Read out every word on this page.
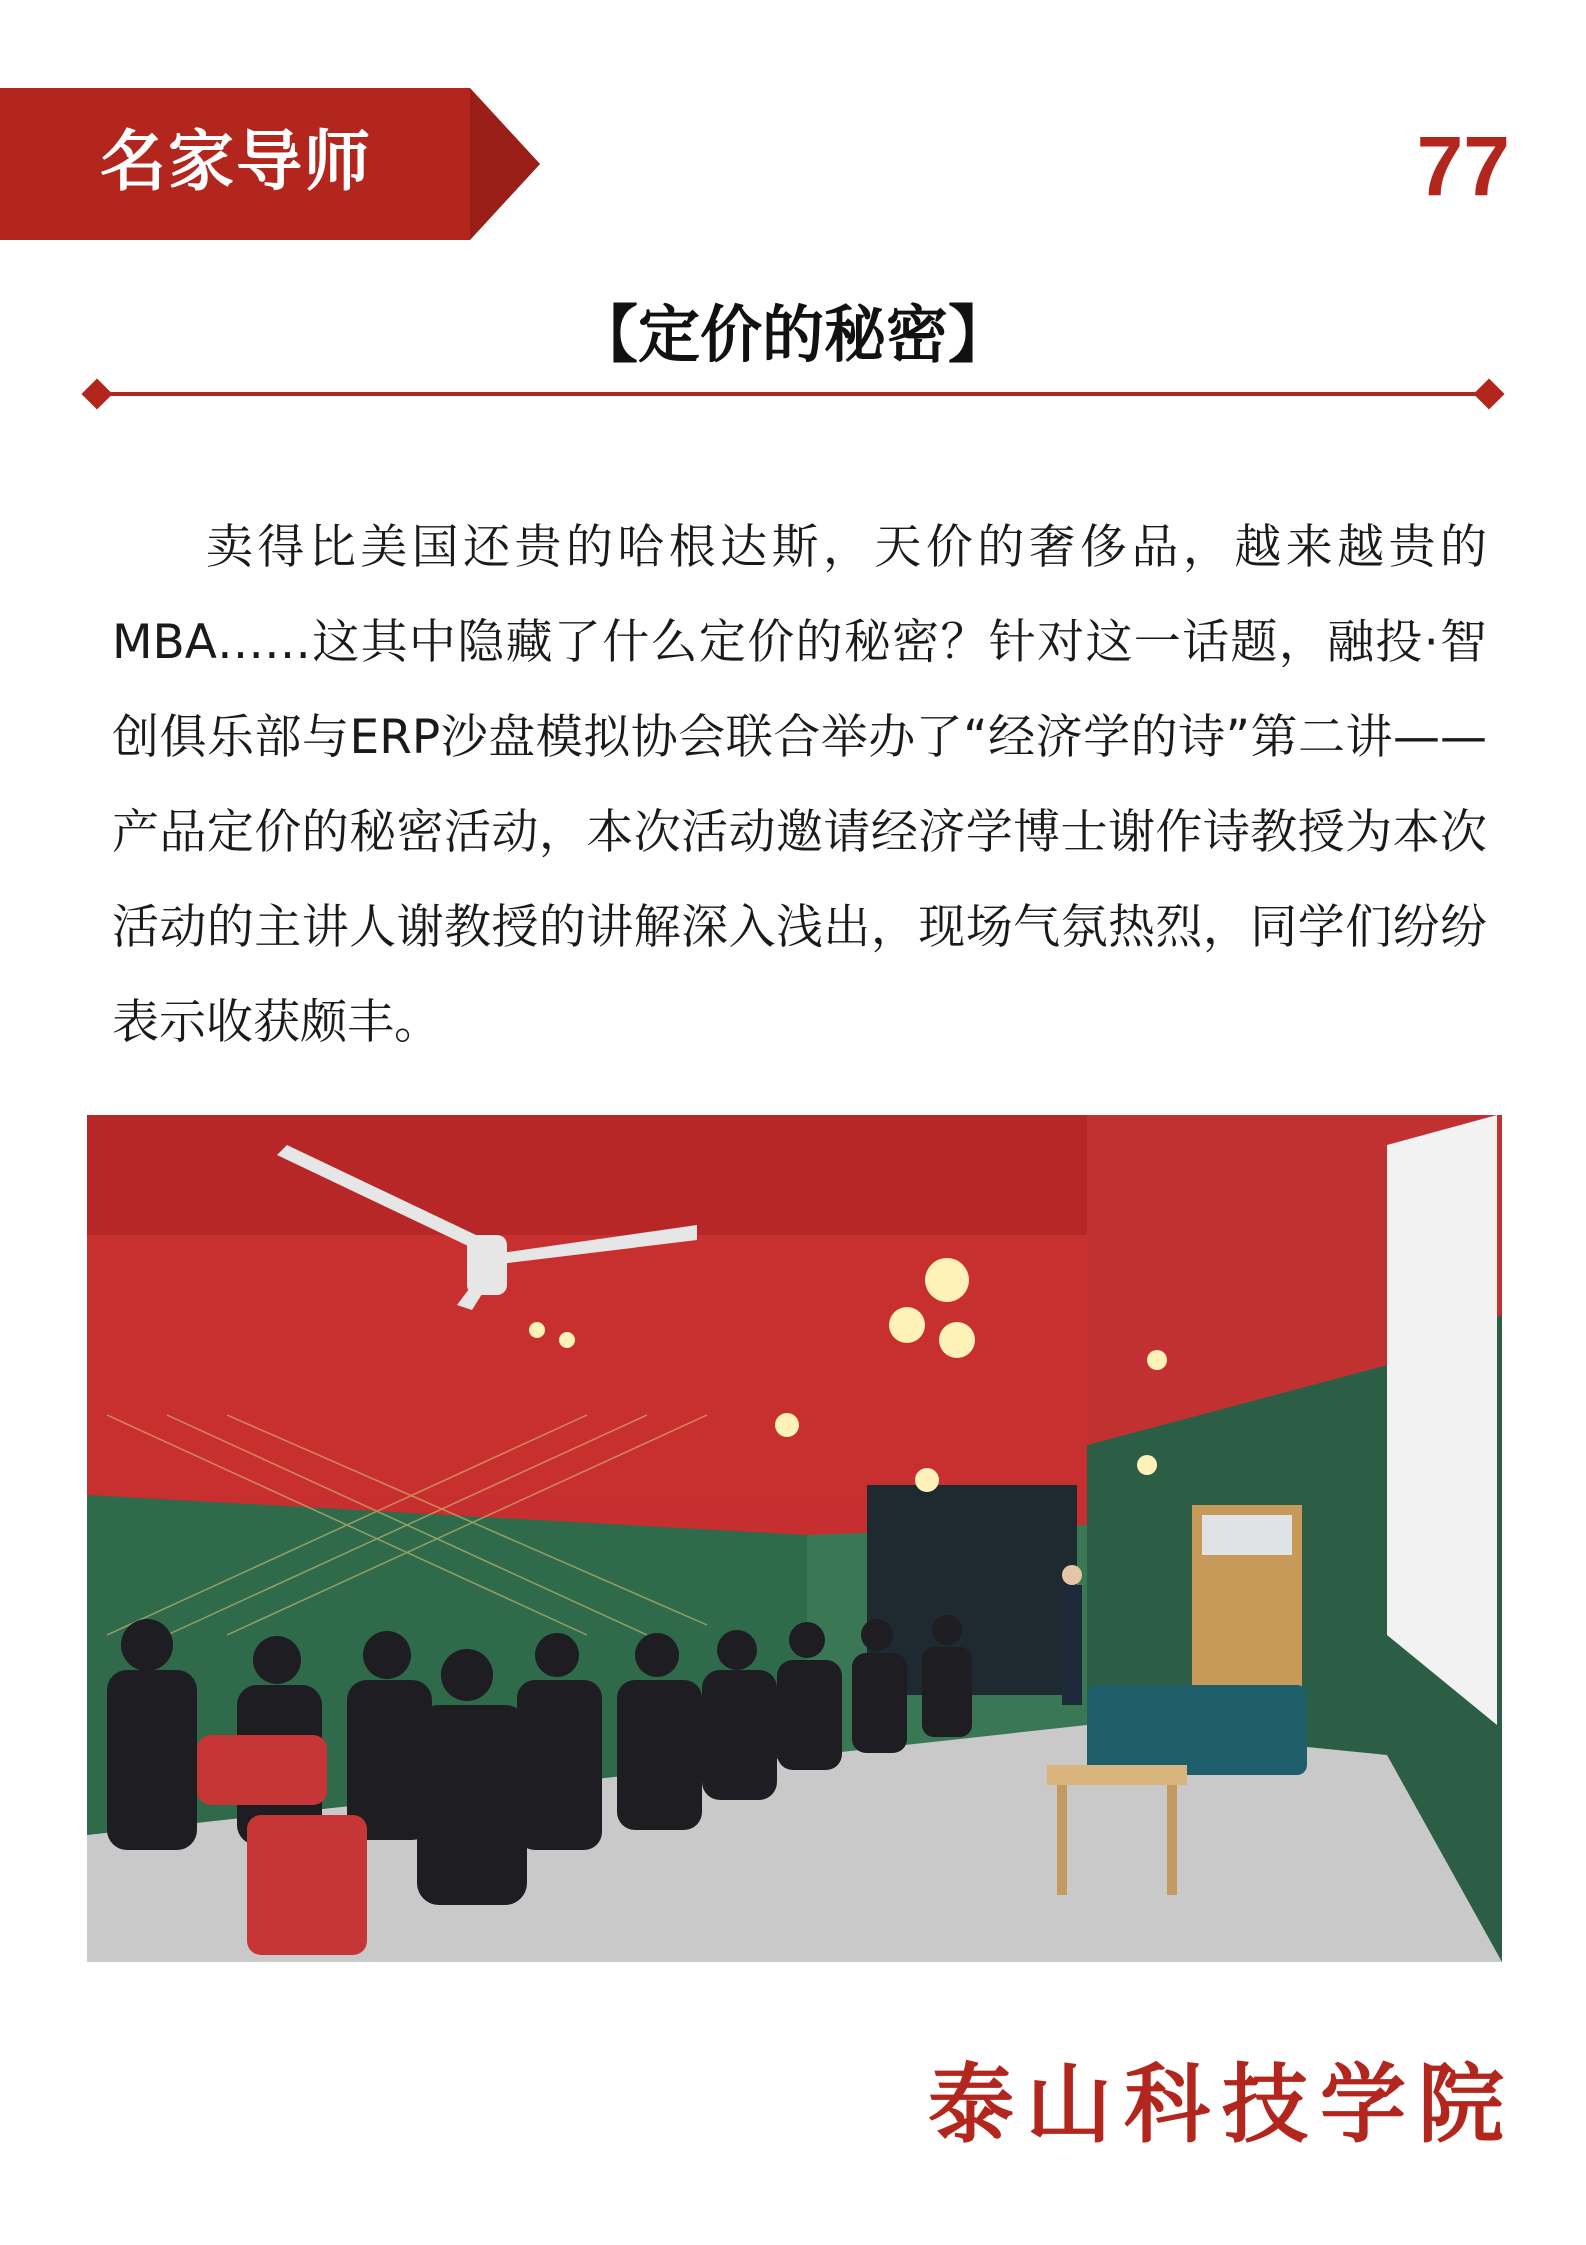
名家导师	77
【定价的秘密】
卖得比美国还贵的哈根达斯，天价的奢侈品，越来越贵的MBA……这其中隐藏了什么定价的秘密？针对这一话题，融投·智创俱乐部与ERP沙盘模拟协会联合举办了“经济学的诗”第二讲——产品定价的秘密活动，本次活动邀请经济学博士谢作诗教授为本次活动的主讲人谢教授的讲解深入浅出，现场气氛热烈，同学们纷纷表示收获颇丰。
泰山科技学院
